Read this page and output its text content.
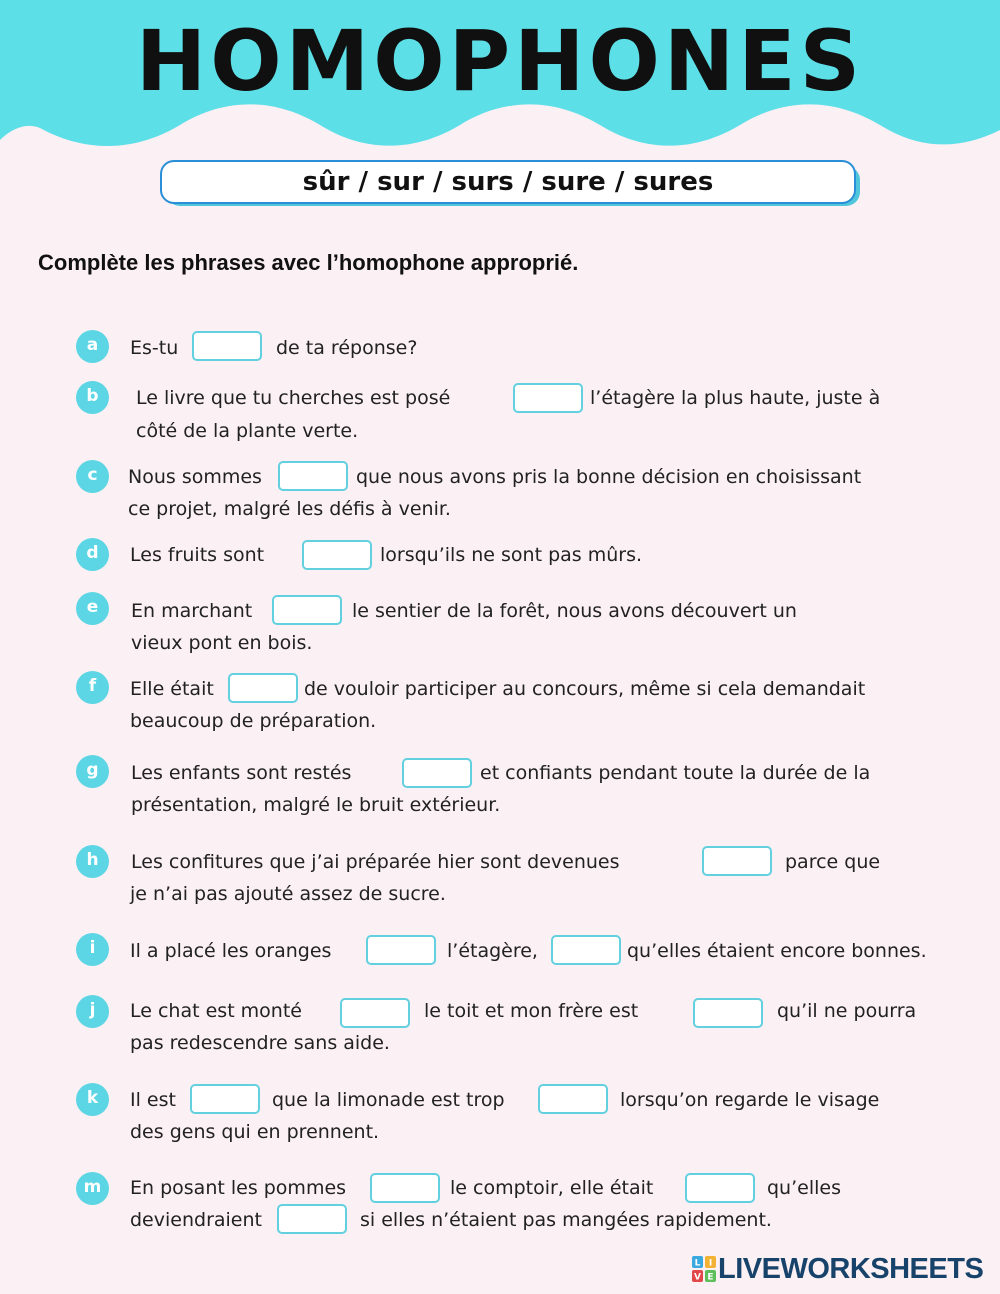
HOMOPHONES
sûr / sur / surs / sure / sures
Complète les phrases avec l’homophone approprié.
a	Es-tu	de ta réponse?
b	Le livre que tu cherches est posé	l’étagère la plus haute, juste à
côté de la plante verte.
c	Nous sommes	que nous avons pris la bonne décision en choisissant
ce projet, malgré les défis à venir.
d	Les fruits sont	lorsqu’ils ne sont pas mûrs.
e	En marchant	le sentier de la forêt, nous avons découvert un
vieux pont en bois.
f	Elle était	de vouloir participer au concours, même si cela demandait
beaucoup de préparation.
g	Les enfants sont restés	et confiants pendant toute la durée de la
présentation, malgré le bruit extérieur.
h	Les confitures que j’ai préparée hier sont devenues	parce que
je n’ai pas ajouté assez de sucre.
i	Il a placé les oranges	l’étagère,	qu’elles étaient encore bonnes.
j	Le chat est monté	le toit et mon frère est	qu’il ne pourra
pas redescendre sans aide.
k	Il est	que la limonade est trop	lorsqu’on regarde le visage
des gens qui en prennent.
m	En posant les pommes	le comptoir, elle était	qu’elles
deviendraient	si elles n’étaient pas mangées rapidement.
L I
V E LIVEWORKSHEETS
